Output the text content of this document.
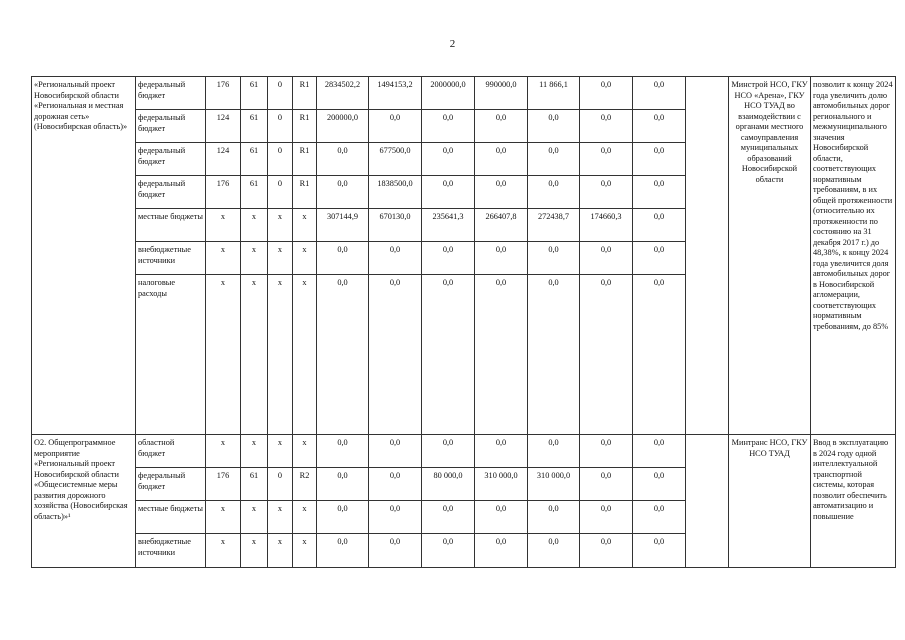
2
«Региональный проект Новосибирской области «Региональная и местная дорожная сеть» (Новосибирская область)»	федеральный бюджет	176	61	0	R1	2834502,2	1494153,2	2000000,0	990000,0	11 866,1	0,0	0,0		Минстрой НСО, ГКУ НСО «Арена», ГКУ НСО ТУАД во взаимодействии с органами местного самоуправления муниципальных образований Новосибирской области	позволит к концу 2024 года увеличить долю автомобильных дорог регионального и межмуниципального значения Новосибирской области, соответствующих нормативным требованиям, в их общей протяженности (относительно их протяженности по состоянию на 31 декабря 2017 г.) до 48,38%, к концу 2024 года увеличится доля автомобильных дорог в Новосибирской агломерации, соответствующих нормативным требованиям, до 85%
	федеральный бюджет	124	61	0	R1	200000,0	0,0	0,0	0,0	0,0	0,0	0,0			
	федеральный бюджет	124	61	0	R1	0,0	677500,0	0,0	0,0	0,0	0,0	0,0			
	федеральный бюджет	176	61	0	R1	0,0	1838500,0	0,0	0,0	0,0	0,0	0,0			
	местные бюджеты	x	x	x	x	307144,9	670130,0	235641,3	266407,8	272438,7	174660,3	0,0			
	внебюджетные источники	x	x	x	x	0,0	0,0	0,0	0,0	0,0	0,0	0,0			
	налоговые расходы	x	x	x	x	0,0	0,0	0,0	0,0	0,0	0,0	0,0			
О2. Общепрограммное мероприятие «Региональный проект Новосибирской области «Общесистемные меры развития дорожного хозяйства (Новосибирская область)»¹	областной бюджет	x	x	x	x	0,0	0,0	0,0	0,0	0,0	0,0	0,0		Минтранс НСО, ГКУ НСО ТУАД	Ввод в эксплуатацию в 2024 году одной интеллектуальной транспортной системы, которая позволит обеспечить автоматизацию и повышение
	федеральный бюджет	176	61	0	R2	0,0	0,0	80 000,0	310 000,0	310 000,0	0,0	0,0			
	местные бюджеты	x	x	x	x	0,0	0,0	0,0	0,0	0,0	0,0	0,0			
	внебюджетные источники	x	x	x	x	0,0	0,0	0,0	0,0	0,0	0,0	0,0			
